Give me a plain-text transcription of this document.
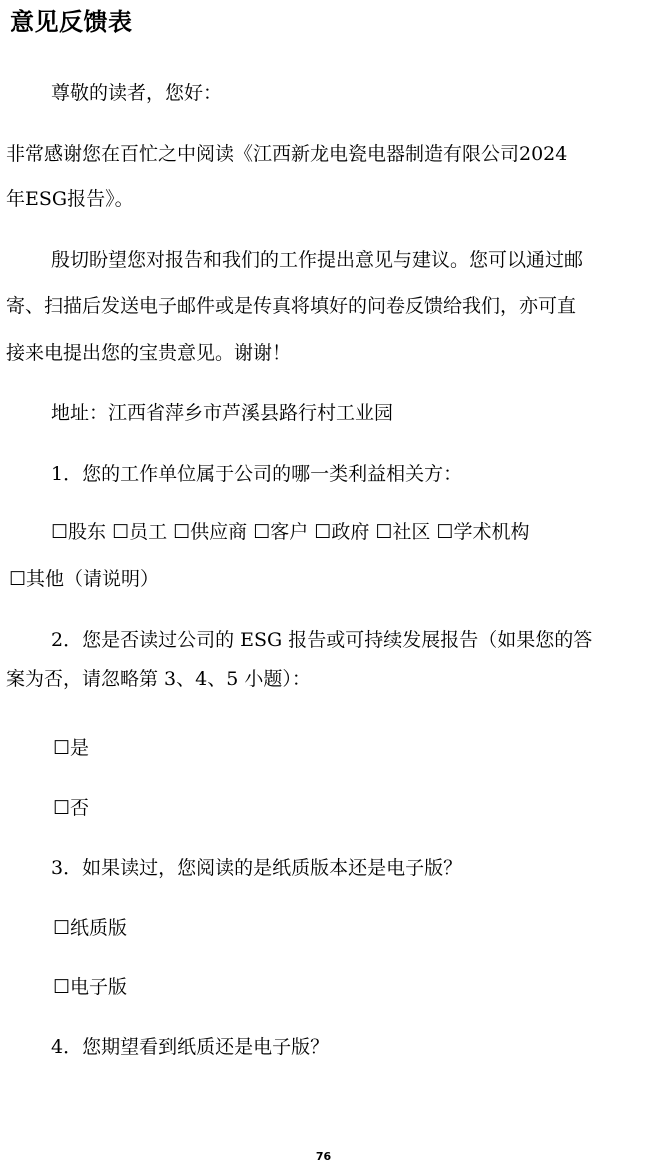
意见反馈表

尊敬的读者，您好：

非常感谢您在百忙之中阅读《江西新龙电瓷电器制造有限公司2024

年ESG报告》。

殷切盼望您对报告和我们的工作提出意见与建议。您可以通过邮

寄、扫描后发送电子邮件或是传真将填好的问卷反馈给我们，亦可直

接来电提出您的宝贵意见。谢谢！

地址：江西省萍乡市芦溪县路行村工业园

1．您的工作单位属于公司的哪一类利益相关方：

☐股东 ☐员工 ☐供应商 ☐客户 ☐政府 ☐社区 ☐学术机构

☐其他（请说明）

2．您是否读过公司的 ESG 报告或可持续发展报告（如果您的答

案为否，请忽略第 3、4、5 小题）：

☐是

☐否

3．如果读过，您阅读的是纸质版本还是电子版？

☐纸质版

☐电子版

4．您期望看到纸质还是电子版？

76
